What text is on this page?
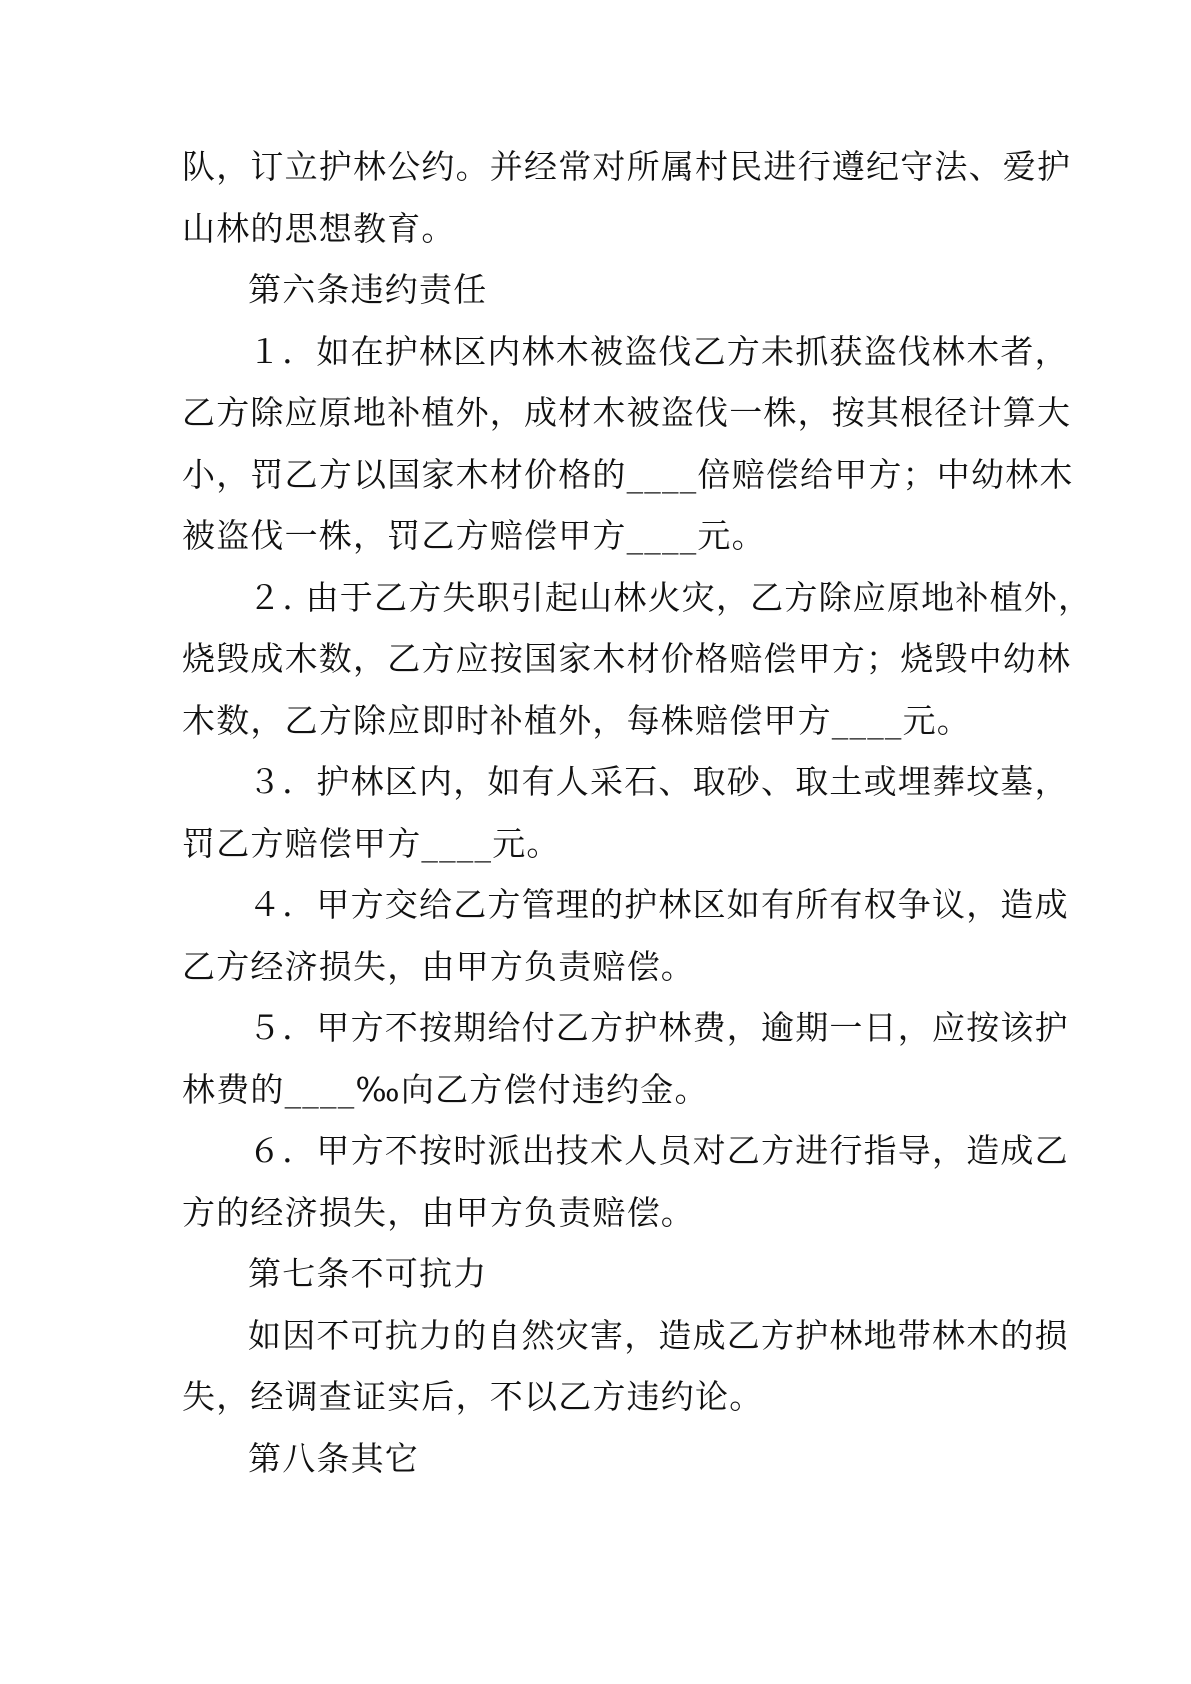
队，订立护林公约。并经常对所属村民进行遵纪守法、爱护
山林的思想教育。
第六条违约责任
１．如在护林区内林木被盗伐乙方未抓获盗伐林木者，
乙方除应原地补植外，成材木被盗伐一株，按其根径计算大
小，罚乙方以国家木材价格的____倍赔偿给甲方；中幼林木
被盗伐一株，罚乙方赔偿甲方____元。
２. 由于乙方失职引起山林火灾，乙方除应原地补植外，
烧毁成木数，乙方应按国家木材价格赔偿甲方；烧毁中幼林
木数，乙方除应即时补植外，每株赔偿甲方____元。
３．护林区内，如有人采石、取砂、取土或埋葬坟墓，
罚乙方赔偿甲方____元。
４．甲方交给乙方管理的护林区如有所有权争议，造成
乙方经济损失，由甲方负责赔偿。
５．甲方不按期给付乙方护林费，逾期一日，应按该护
林费的____‰向乙方偿付违约金。
６．甲方不按时派出技术人员对乙方进行指导，造成乙
方的经济损失，由甲方负责赔偿。
第七条不可抗力
如因不可抗力的自然灾害，造成乙方护林地带林木的损
失，经调查证实后，不以乙方违约论。
第八条其它
